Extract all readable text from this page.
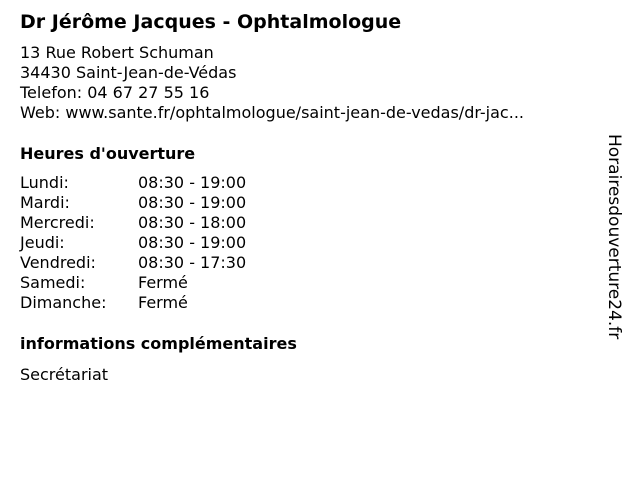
Dr Jérôme Jacques - Ophtalmologue
13 Rue Robert Schuman
34430 Saint-Jean-de-Védas
Telefon: 04 67 27 55 16
Web: www.sante.fr/ophtalmologue/saint-jean-de-vedas/dr-jac...
Heures d'ouverture
Lundi:	08:30 - 19:00
Mardi:	08:30 - 19:00
Mercredi:	08:30 - 18:00
Jeudi:	08:30 - 19:00
Vendredi:	08:30 - 17:30
Samedi:	Fermé
Dimanche: Fermé
informations complémentaires
Secrétariat
Horairesdouverture24.fr
